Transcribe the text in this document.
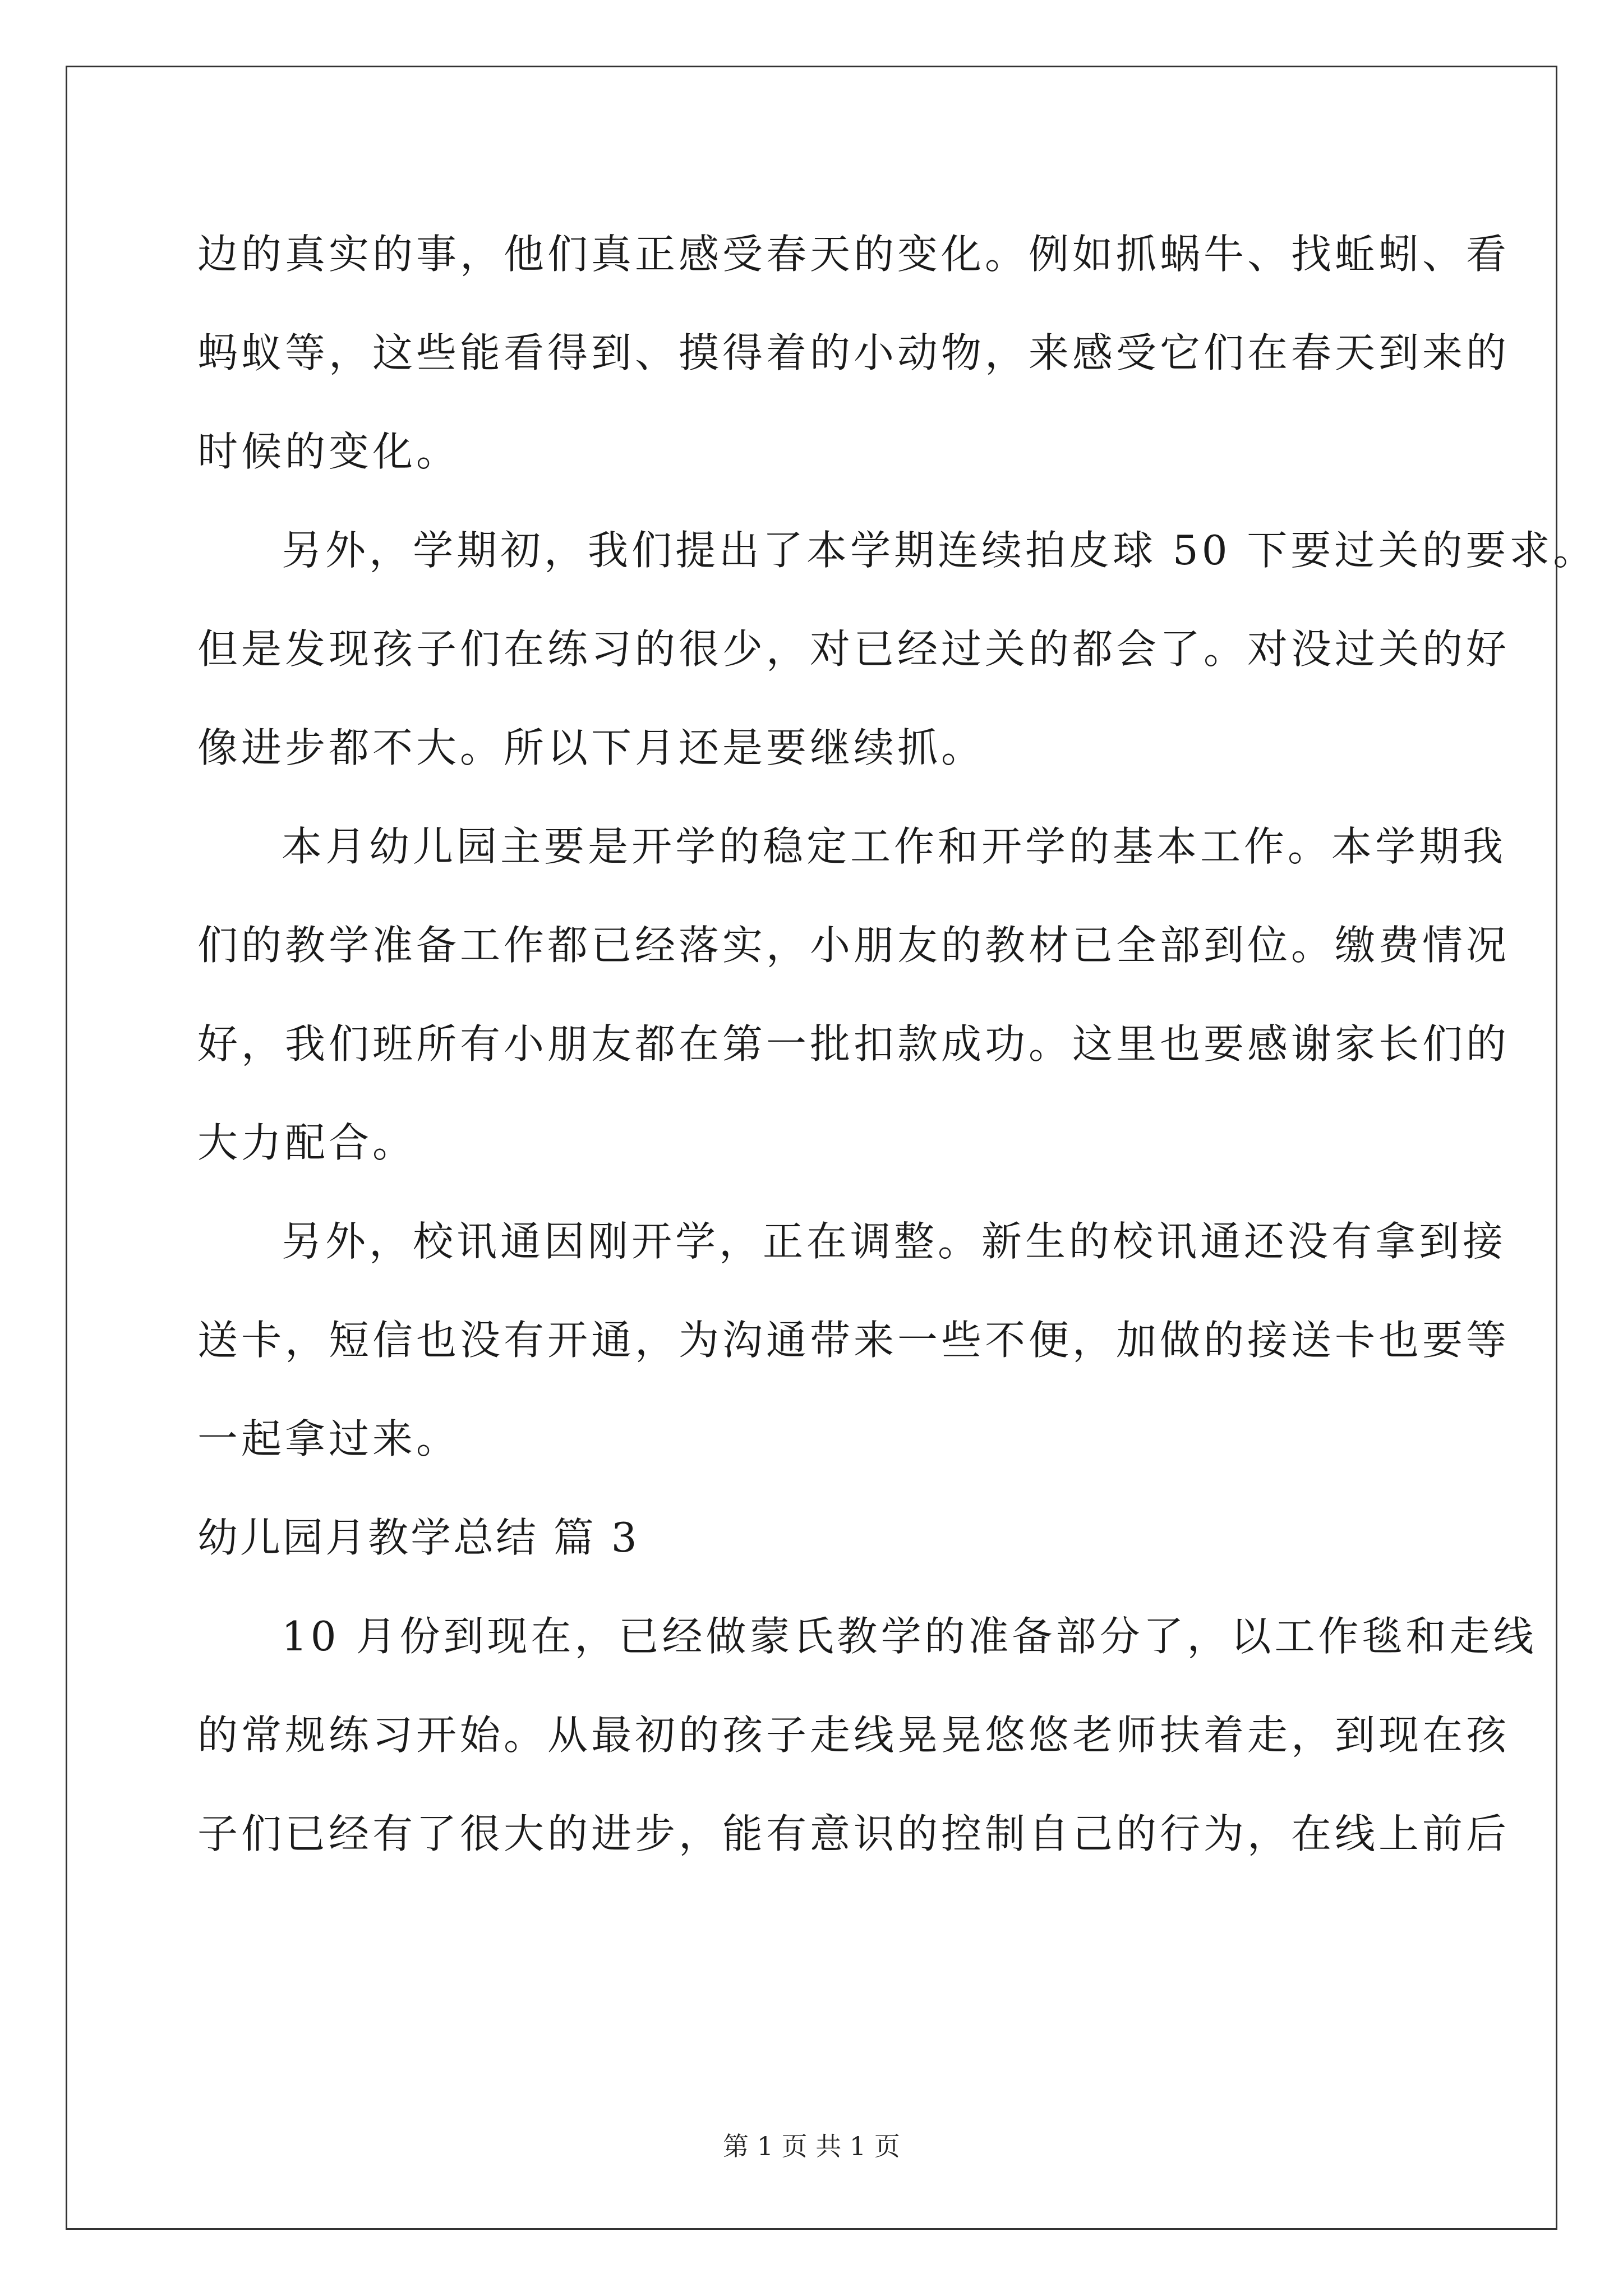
边的真实的事，他们真正感受春天的变化。例如抓蜗牛、找蚯蚓、看
蚂蚁等，这些能看得到、摸得着的小动物，来感受它们在春天到来的
时候的变化。
另外，学期初，我们提出了本学期连续拍皮球 50 下要过关的要求。
但是发现孩子们在练习的很少，对已经过关的都会了。对没过关的好
像进步都不大。所以下月还是要继续抓。
本月幼儿园主要是开学的稳定工作和开学的基本工作。本学期我
们的教学准备工作都已经落实，小朋友的教材已全部到位。缴费情况
好，我们班所有小朋友都在第一批扣款成功。这里也要感谢家长们的
大力配合。
另外，校讯通因刚开学，正在调整。新生的校讯通还没有拿到接
送卡，短信也没有开通，为沟通带来一些不便，加做的接送卡也要等
一起拿过来。
幼儿园月教学总结 篇 3
10 月份到现在，已经做蒙氏教学的准备部分了，以工作毯和走线
的常规练习开始。从最初的孩子走线晃晃悠悠老师扶着走，到现在孩
子们已经有了很大的进步，能有意识的控制自己的行为，在线上前后
第 1 页 共 1 页
